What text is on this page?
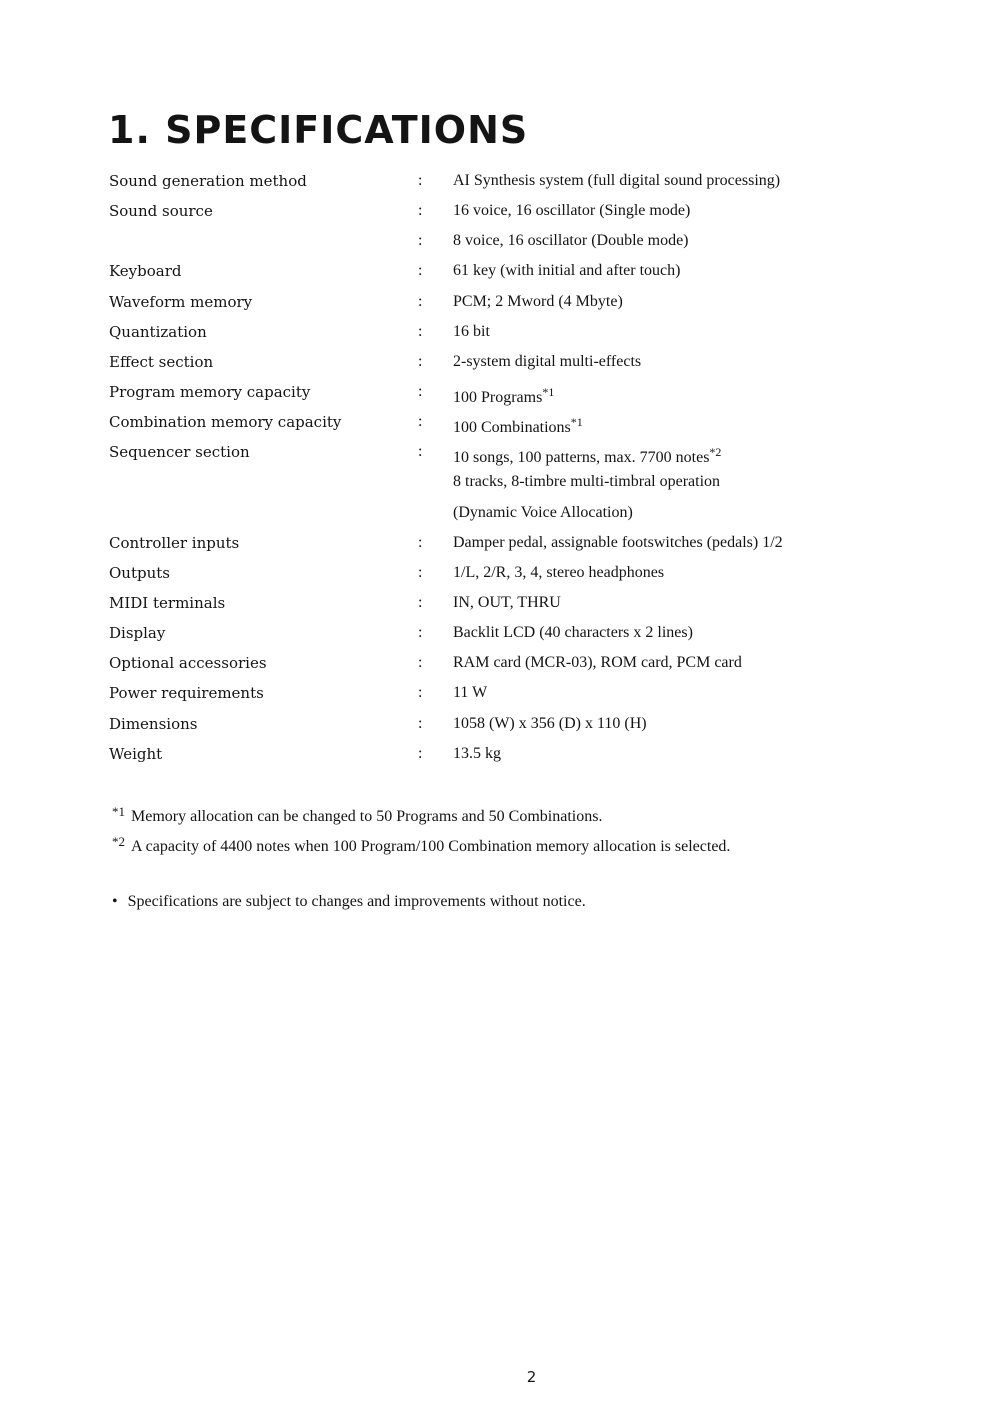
1. SPECIFICATIONS
Sound generation method	: AI Synthesis system (full digital sound processing)
Sound source	: 16 voice, 16 oscillator (Single mode)
: 8 voice, 16 oscillator (Double mode)
Keyboard	: 61 key (with initial and after touch)
Waveform memory	: PCM; 2 Mword (4 Mbyte)
Quantization	: 16 bit
Effect section	: 2-system digital multi-effects
Program memory capacity	: 100 Programs$^{*1}$
Combination memory capacity	: 100 Combinations$^{*1}$
Sequencer section	: 10 songs, 100 patterns, max. 7700 notes$^{*2}$
8 tracks, 8-timbre multi-timbral operation
(Dynamic Voice Allocation)
Controller inputs	: Damper pedal, assignable footswitches (pedals) 1/2
Outputs	: 1/L, 2/R, 3, 4, stereo headphones
MIDI terminals	: IN, OUT, THRU
Display	: Backlit LCD (40 characters x 2 lines)
Optional accessories	: RAM card (MCR-03), ROM card, PCM card
Power requirements	: 11 W
Dimensions	: 1058 (W) x 356 (D) x 110 (H)
Weight	: 13.5 kg
$^{*1}$ Memory allocation can be changed to 50 Programs and 50 Combinations.
$^{*2}$ A capacity of 4400 notes when 100 Program/100 Combination memory allocation is selected.
• Specifications are subject to changes and improvements without notice.
2
